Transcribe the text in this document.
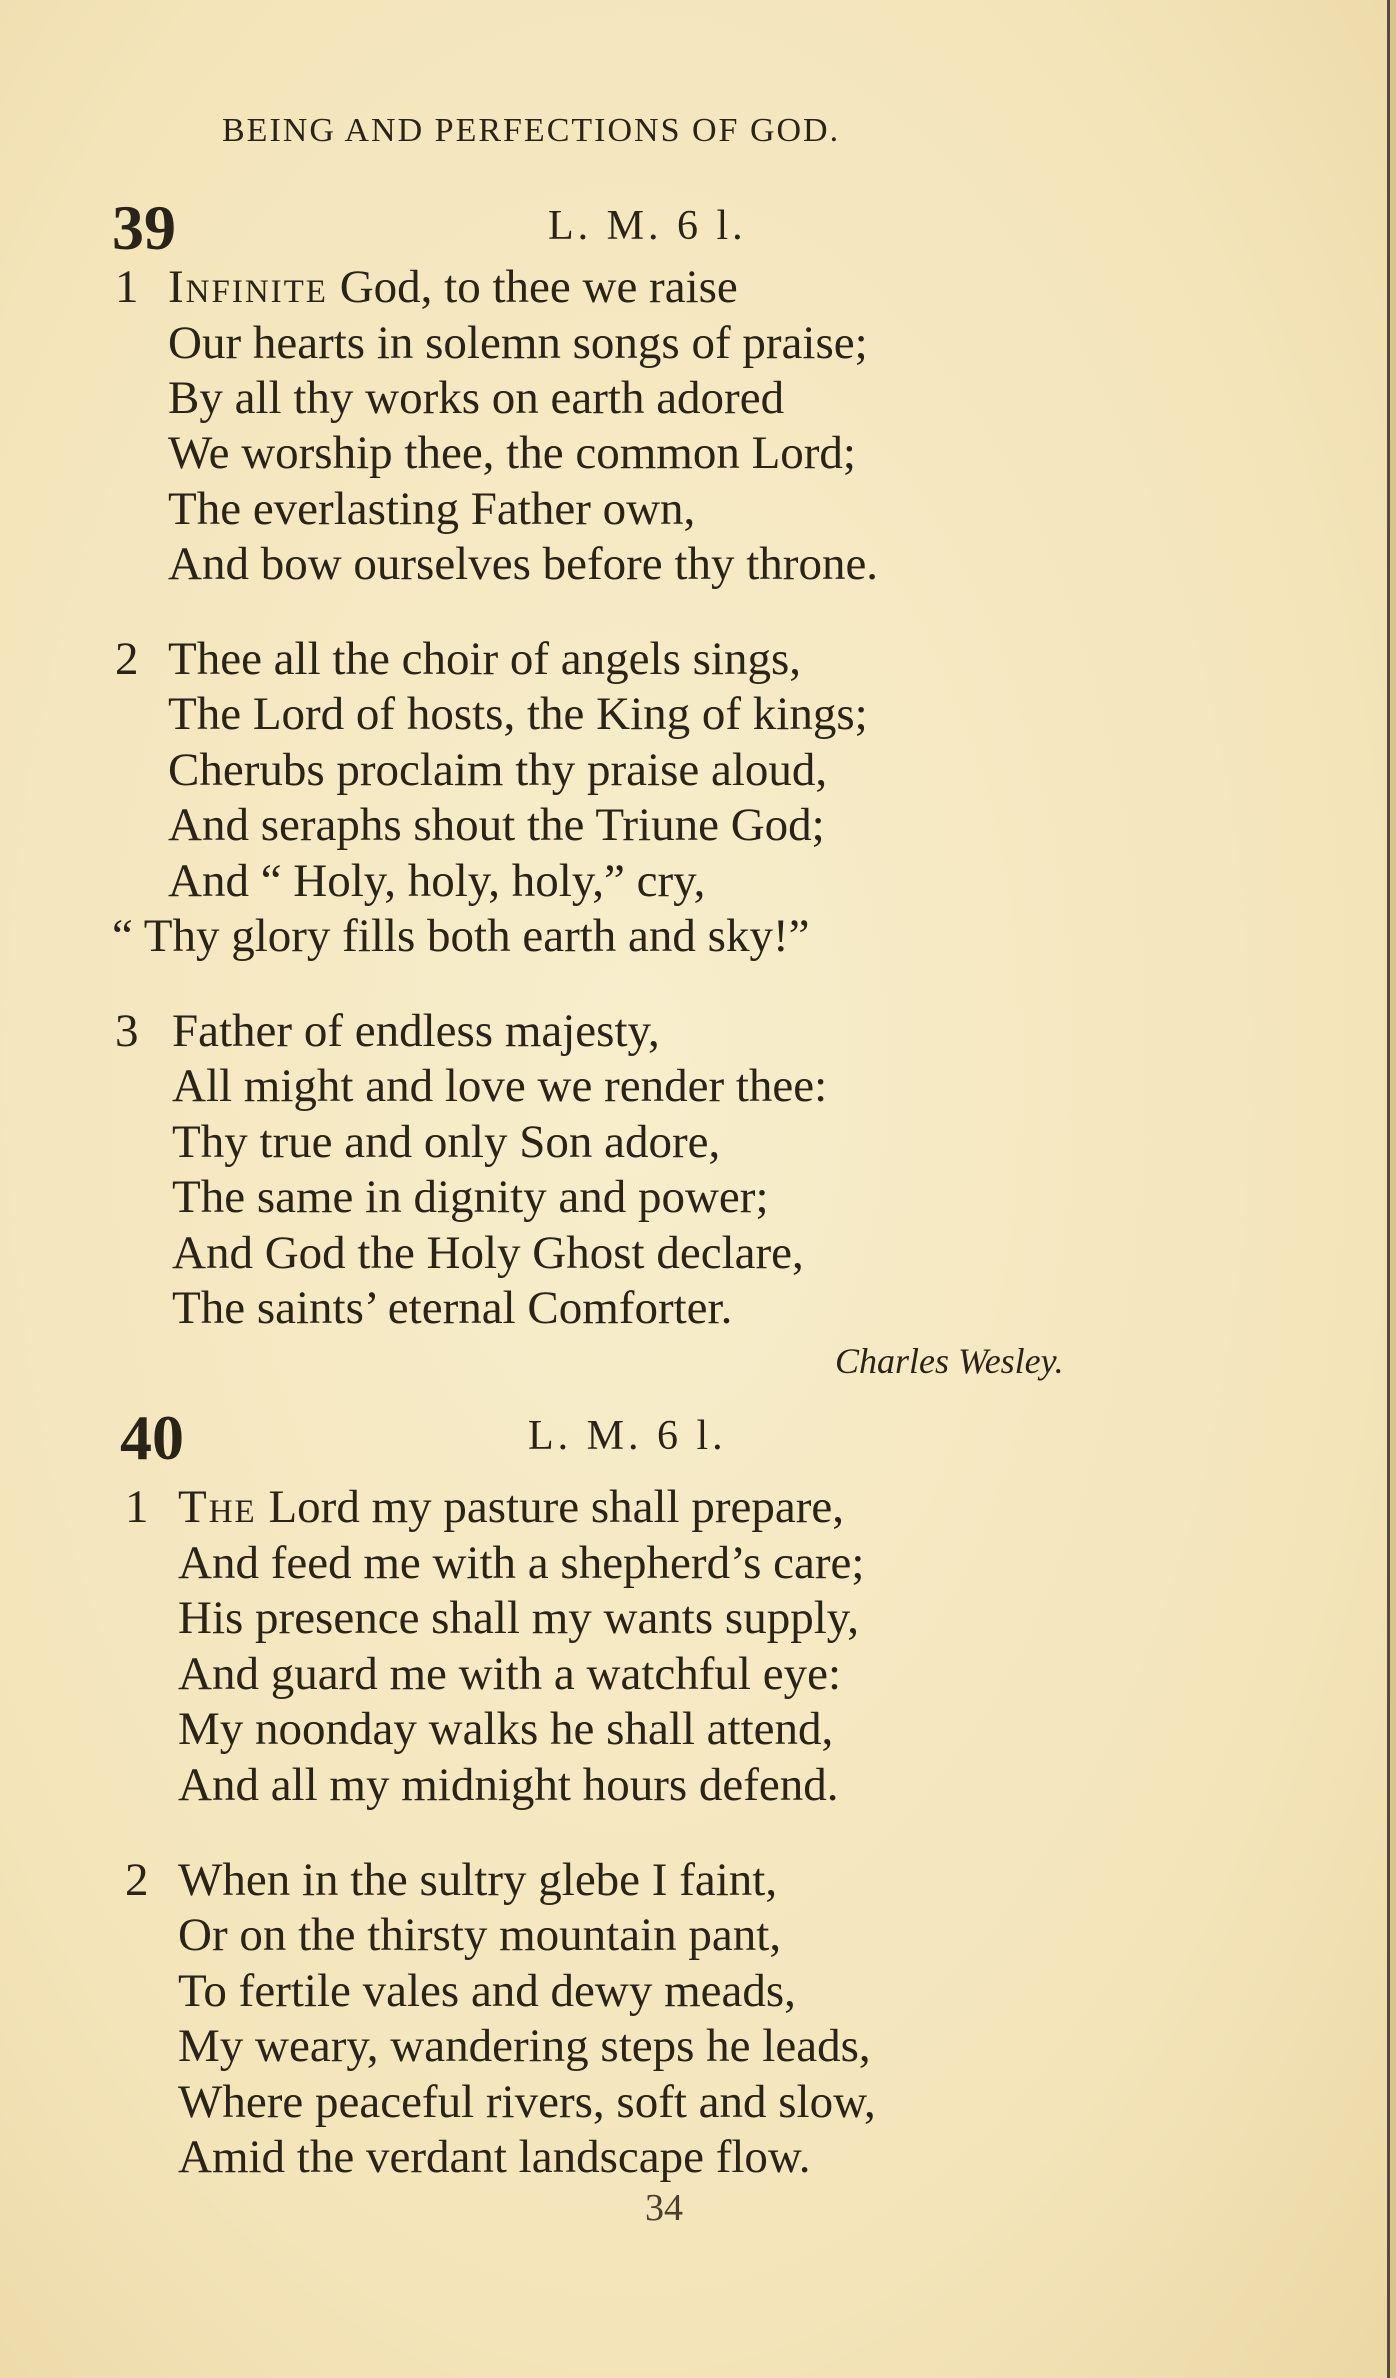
BEING AND PERFECTIONS OF GOD.
39	L. M. 6 l.
1 Infinite God, to thee we raise
Our hearts in solemn songs of praise;
By all thy works on earth adored
We worship thee, the common Lord;
The everlasting Father own,
And bow ourselves before thy throne.
2 Thee all the choir of angels sings,
The Lord of hosts, the King of kings;
Cherubs proclaim thy praise aloud,
And seraphs shout the Triune God;
And “ Holy, holy, holy,” cry,
“ Thy glory fills both earth and sky!”
3 Father of endless majesty,
All might and love we render thee:
Thy true and only Son adore,
The same in dignity and power;
And God the Holy Ghost declare,
The saints’ eternal Comforter.
Charles Wesley.
40	L. M. 6 l.
1 The Lord my pasture shall prepare,
And feed me with a shepherd’s care;
His presence shall my wants supply,
And guard me with a watchful eye:
My noonday walks he shall attend,
And all my midnight hours defend.
2 When in the sultry glebe I faint,
Or on the thirsty mountain pant,
To fertile vales and dewy meads,
My weary, wandering steps he leads,
Where peaceful rivers, soft and slow,
Amid the verdant landscape flow.
34
